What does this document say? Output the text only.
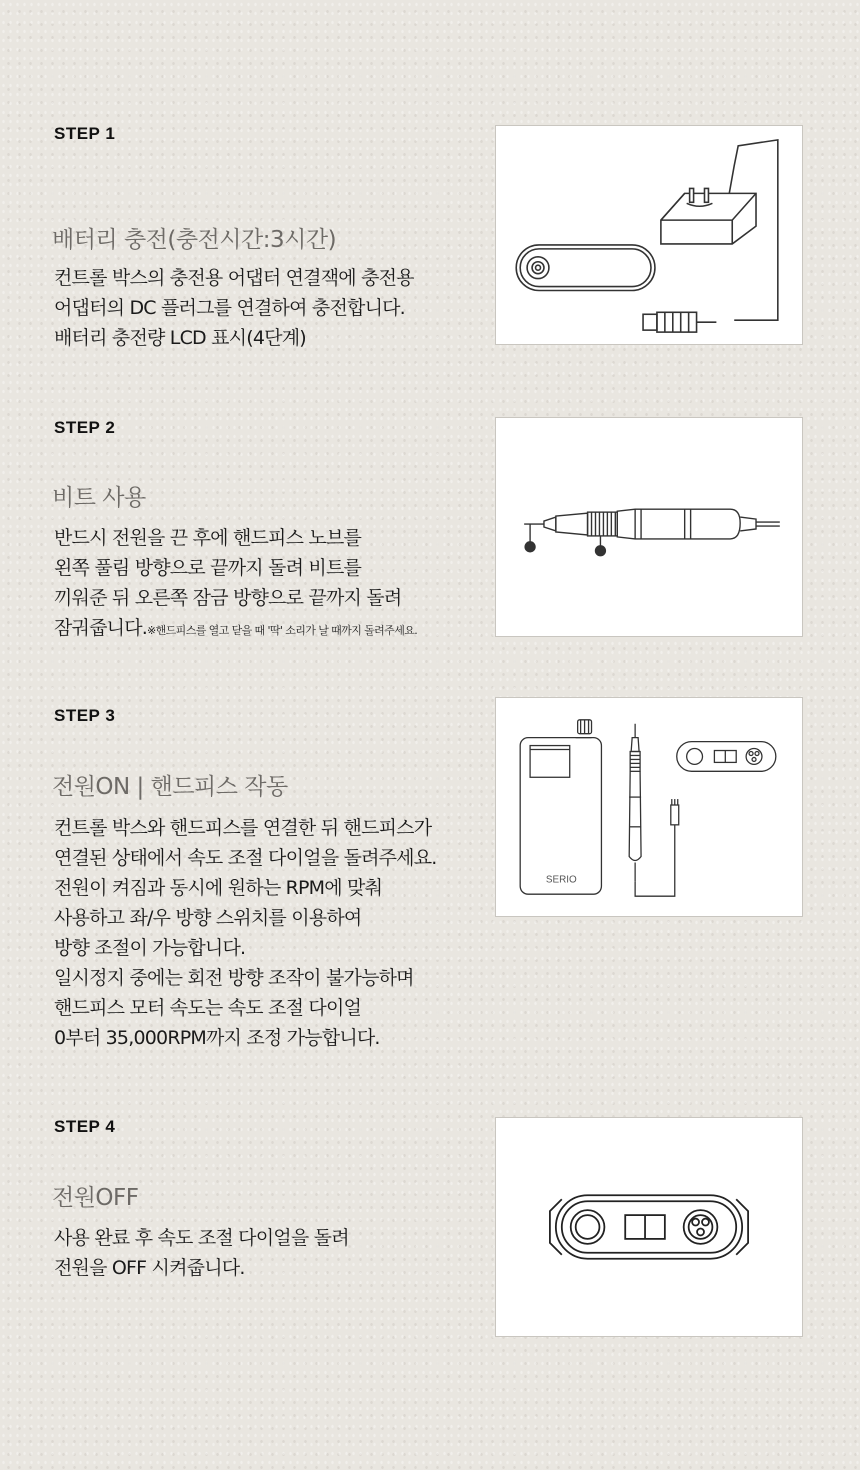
STEP 1
배터리 충전(충전시간:3시간)
컨트롤 박스의 충전용 어댑터 연결잭에 충전용
어댑터의 DC 플러그를 연결하여 충전합니다.
배터리 충전량 LCD 표시(4단계)
STEP 2
비트 사용
반드시 전원을 끈 후에 핸드피스 노브를
왼쪽 풀림 방향으로 끝까지 돌려 비트를
끼워준 뒤 오른쪽 잠금 방향으로 끝까지 돌려
잠궈줍니다.※핸드피스를 열고 닫을 때 '딱' 소리가 날 때까지 돌려주세요.
STEP 3
전원ON | 핸드피스 작동
컨트롤 박스와 핸드피스를 연결한 뒤 핸드피스가
연결된 상태에서 속도 조절 다이얼을 돌려주세요.
전원이 켜짐과 동시에 원하는 RPM에 맞춰
사용하고 좌/우 방향 스위치를 이용하여
방향 조절이 가능합니다.
일시정지 중에는 회전 방향 조작이 불가능하며
핸드피스 모터 속도는 속도 조절 다이얼
0부터 35,000RPM까지 조정 가능합니다.
SERIO
STEP 4
전원OFF
사용 완료 후 속도 조절 다이얼을 돌려
전원을 OFF 시켜줍니다.
